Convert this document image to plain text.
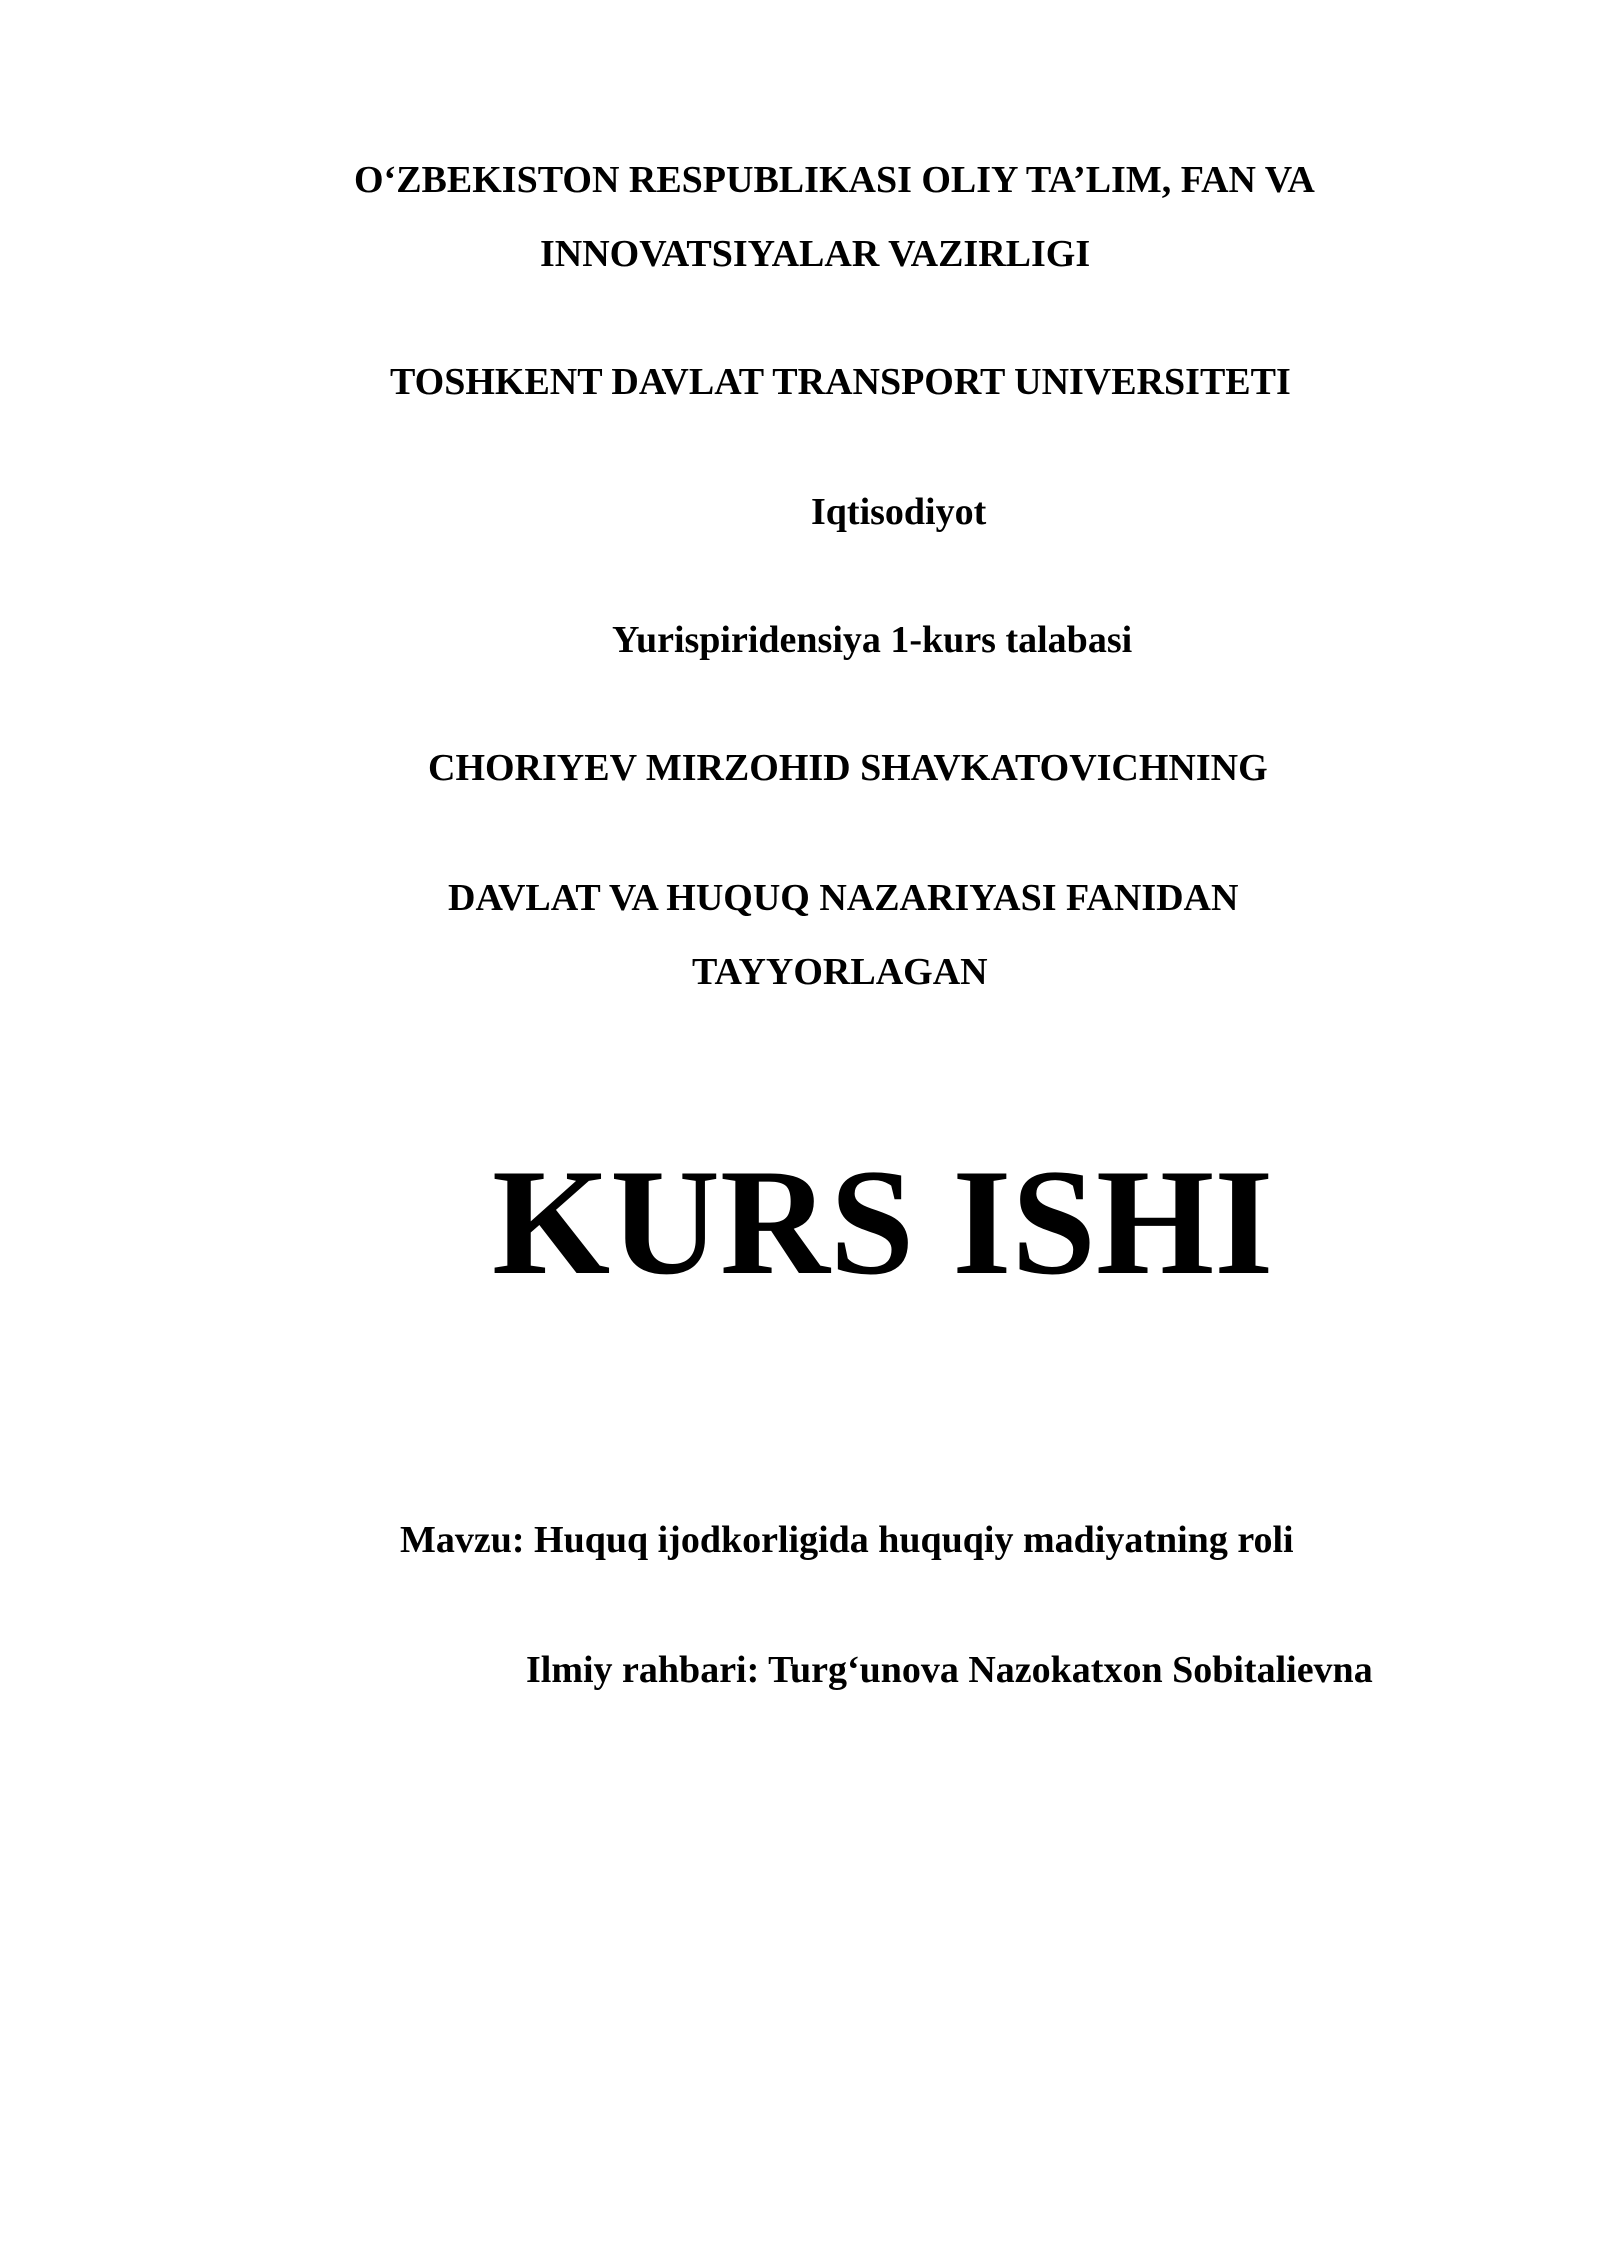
O‘ZBEKISTON RESPUBLIKASI OLIY TA’LIM, FAN VA

INNOVATSIYALAR VAZIRLIGI

TOSHKENT DAVLAT TRANSPORT UNIVERSITETI

Iqtisodiyot

Yurispiridensiya 1-kurs talabasi

CHORIYEV MIRZOHID SHAVKATOVICHNING

DAVLAT VA HUQUQ NAZARIYASI FANIDAN

TAYYORLAGAN

KURS ISHI

Mavzu: Huquq ijodkorligida huquqiy madiyatning roli

Ilmiy rahbari: Turg‘unova Nazokatxon Sobitalievna
